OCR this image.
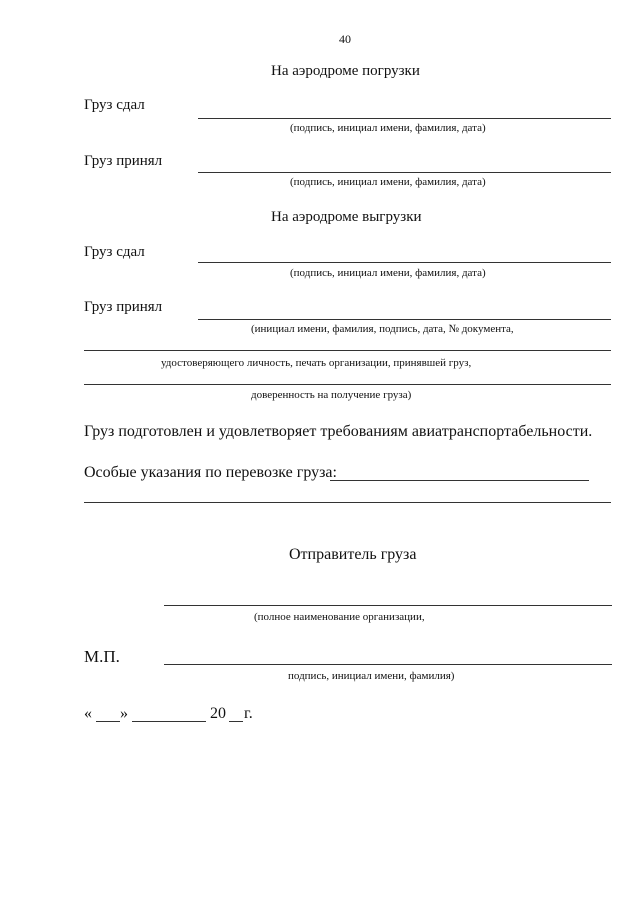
40
На аэродроме погрузки
Груз сдал
(подпись, инициал имени, фамилия, дата)
Груз принял
(подпись, инициал имени, фамилия, дата)
На аэродроме выгрузки
Груз сдал
(подпись, инициал имени, фамилия, дата)
Груз принял
(инициал имени, фамилия, подпись, дата, № документа,
удостоверяющего личность, печать организации, принявшей груз,
доверенность на получение груза)
Груз подготовлен и удовлетворяет требованиям авиатранспортабельности.
Особые указания по перевозке груза:
Отправитель груза
(полное наименование организации,
М.П.
подпись, инициал имени, фамилия)
« »	20 г.
